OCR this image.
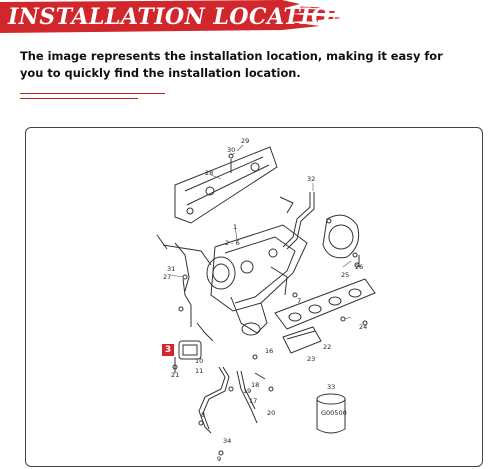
INSTALLATION LOCATION
The image represents the installation location, making it easy for you to quickly find the installation location.
29
30
28
32
1
2 - 6
31
27
26
25
24
22
23
21
16
7
10
11
19
18
17
20
34
8
9
33
G00500
3
